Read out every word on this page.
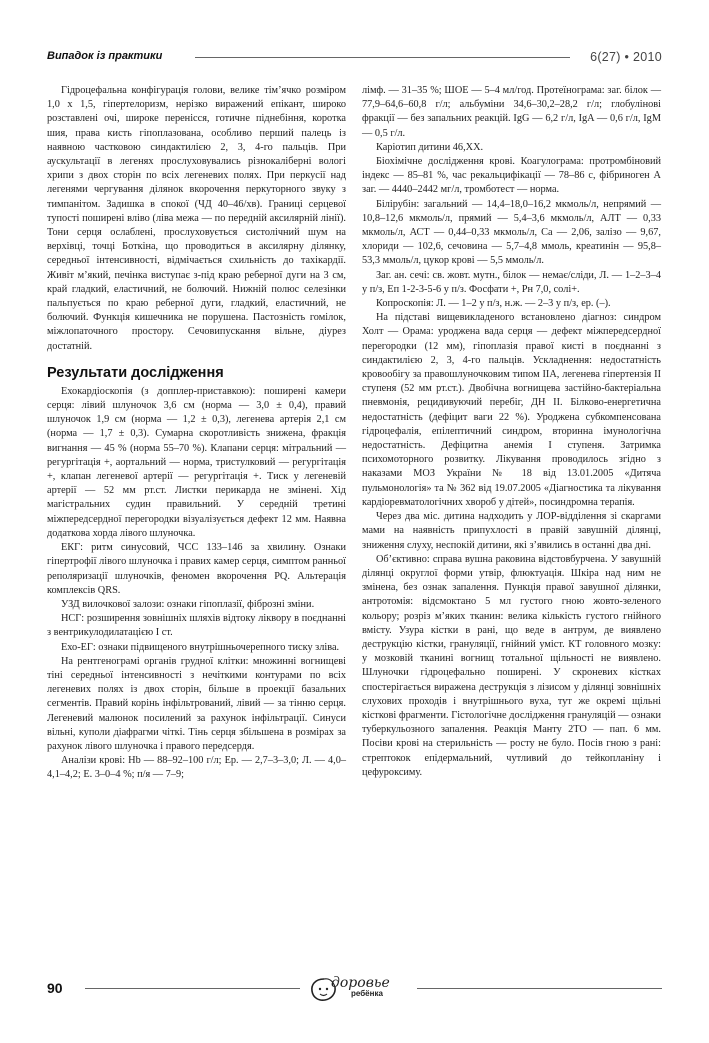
Випадок із практики	6(27) • 2010

Гідроцефальна конфігурація голови, велике тім’ячко розміром 1,0 х 1,5, гіпертелоризм, нерізко виражений епікант, широко розставлені очі, широке перенісся, готичне піднебіння, коротка шия, права кисть гіпоплазована, особливо перший палець із наявною частковою синдактилією 2, 3, 4-го пальців. При аускультації в легенях прослуховувались різнокаліберні вологі хрипи з двох сторін по всіх легеневих полях. При перкусії над легенями чергування ділянок вкорочення перкуторного звуку з тимпанітом. Задишка в спокої (ЧД 40–46/хв). Границі серцевої тупості поширені вліво (ліва межа — по передній аксилярній лінії). Тони серця ослаблені, прослуховується систолічний шум на верхівці, точці Боткіна, що проводиться в аксилярну ділянку, середньої інтенсивності, відмічається схильність до тахікардії. Живіт м’який, печінка виступає з-під краю реберної дуги на 3 см, край гладкий, еластичний, не болючий. Нижній полюс селезінки пальпується по краю реберної дуги, гладкий, еластичний, не болючий. Функція кишечника не порушена. Пастозність гомілок, міжлопаточного простору. Сечовипускання вільне, діурез достатній.

Результати дослідження

Ехокардіоскопія (з допплер-приставкою): поширені камери серця: лівий шлуночок 3,6 см (норма — 3,0 ± 0,4), правий шлуночок 1,9 см (норма — 1,2 ± 0,3), легенева артерія 2,1 см (норма — 1,7 ± 0,3). Сумарна скоротливість знижена, фракція вигнання — 45 % (норма 55–70 %). Клапани серця: мітральний — регургітація +, аортальний — норма, тристулковий — регургітація +, клапан легеневої артерії — регургітація +. Тиск у легеневій артерії — 52 мм рт.ст. Листки перикарда не змінені. Хід магістральних судин правильний. У середній третині міжпередсердної перегородки візуалізується дефект 12 мм. Наявна додаткова хорда лівого шлуночка.

ЕКГ: ритм синусовий, ЧСС 133–146 за хвилину. Ознаки гіпертрофії лівого шлуночка і правих камер серця, симптом ранньої реполяризації шлуночків, феномен вкорочення PQ. Альтерація комплексів QRS.

УЗД вилочкової залози: ознаки гіпоплазії, фіброзні зміни.

НСГ: розширення зовнішніх шляхів відтоку ліквору в поєднанні з вентрикулодилатацією I ст.

Ехо-ЕГ: ознаки підвищеного внутрішньочерепного тиску зліва.

На рентгенограмі органів грудної клітки: множинні вогнищеві тіні середньої інтенсивності з нечіткими контурами по всіх легеневих полях із двох сторін, більше в проекції базальних сегментів. Правий корінь інфільтрований, лівий — за тінню серця. Легеневий малюнок посилений за рахунок інфільтрації. Синуси вільні, куполи діафрагми чіткі. Тінь серця збільшена в розмірах за рахунок лівого шлуночка і правого передсердя.

Аналізи крові: Hb — 88–92–100 г/л; Ер. — 2,7–3–3,0; Л. — 4,0–4,1–4,2; Е. 3–0–4 %; п/я — 7–9;

лімф. — 31–35 %; ШОЕ — 5–4 мл/год. Протеїнограма: заг. білок — 77,9–64,6–60,8 г/л; альбуміни 34,6–30,2–28,2 г/л; глобулінові фракції — без запальних реакцій. IgG — 6,2 г/л, IgA — 0,6 г/л, IgM — 0,5 г/л.

Каріотип дитини 46,ХХ.

Біохімічне дослідження крові. Коагулограма: протромбіновий індекс — 85–81 %, час рекальцифікації — 78–86 с, фібриноген А заг. — 4440–2442 мг/л, тромботест — норма.

Білірубін: загальний — 14,4–18,0–16,2 мкмоль/л, непрямий — 10,8–12,6 мкмоль/л, прямий — 5,4–3,6 мкмоль/л, АЛТ — 0,33 мкмоль/л, АСТ — 0,44–0,33 мкмоль/л, Са — 2,06, залізо — 9,67, хлориди — 102,6, сечовина — 5,7–4,8 ммоль, креатинін — 95,8–53,3 ммоль/л, цукор крові — 5,5 ммоль/л.

Заг. ан. сечі: св. жовт. мутн., білок — немає/сліди, Л. — 1–2–3–4 у п/з, Еп 1-2-3-5-6 у п/з. Фосфати +, Рн 7,0, солі+.

Копроскопія: Л. — 1–2 у п/з, н.ж. — 2–3 у п/з, ер. (–).

На підставі вищевикладеного встановлено діагноз: синдром Холт — Орама: уроджена вада серця — дефект міжпередсердної перегородки (12 мм), гіпоплазія правої кисті в поєднанні з синдактилією 2, 3, 4-го пальців. Ускладнення: недостатність кровообігу за правошлуночковим типом IIА, легенева гіпертензія II ступеня (52 мм рт.ст.). Двобічна вогнищева застійно-бактеріальна пневмонія, рецидивуючий перебіг, ДН II. Білково-енергетична недостатність (дефіцит ваги 22 %). Уроджена субкомпенсована гідроцефалія, епілептичний синдром, вторинна імунологічна недостатність. Дефіцитна анемія I ступеня. Затримка психомоторного розвитку. Лікування проводилось згідно з наказами МОЗ України № 18 від 13.01.2005 «Дитяча пульмонологія» та № 362 від 19.07.2005 «Діагностика та лікування кардіоревматологічних хвороб у дітей», посиндромна терапія.

Через два міс. дитина надходить у ЛОР-відділення зі скаргами мами на наявність припухлості в правій завушній ділянці, зниження слуху, неспокій дитини, які з’явились в останні два дні.

Об’єктивно: справа вушна раковина відстовбурчена. У завушній ділянці округлої форми утвір, флюктуація. Шкіра над ним не змінена, без ознак запалення. Пункція правої завушної ділянки, антротомія: відсмоктано 5 мл густого гною жовто-зеленого кольору; розріз м’яких тканин: велика кількість густого гнійного вмісту. Узура кістки в рані, що веде в антрум, де виявлено деструкцію кістки, грануляції, гнійний уміст. КТ головного мозку: у мозковій тканині вогнищ тотальної щільності не виявлено. Шлуночки гідроцефально поширені. У скроневих кістках спостерігається виражена деструкція з лізисом у ділянці зовнішніх слухових проходів і внутрішнього вуха, тут же окремі щільні кісткові фрагменти. Гістологічне дослідження грануляцій — ознаки туберкульозного запалення. Реакція Манту 2ТО — пап. 6 мм. Посіви крові на стерильність — росту не було. Посів гною з рані: стрептокок епідермальний, чутливий до тейкопланіну і цефуроксиму.

90	доровье
ребёнка
